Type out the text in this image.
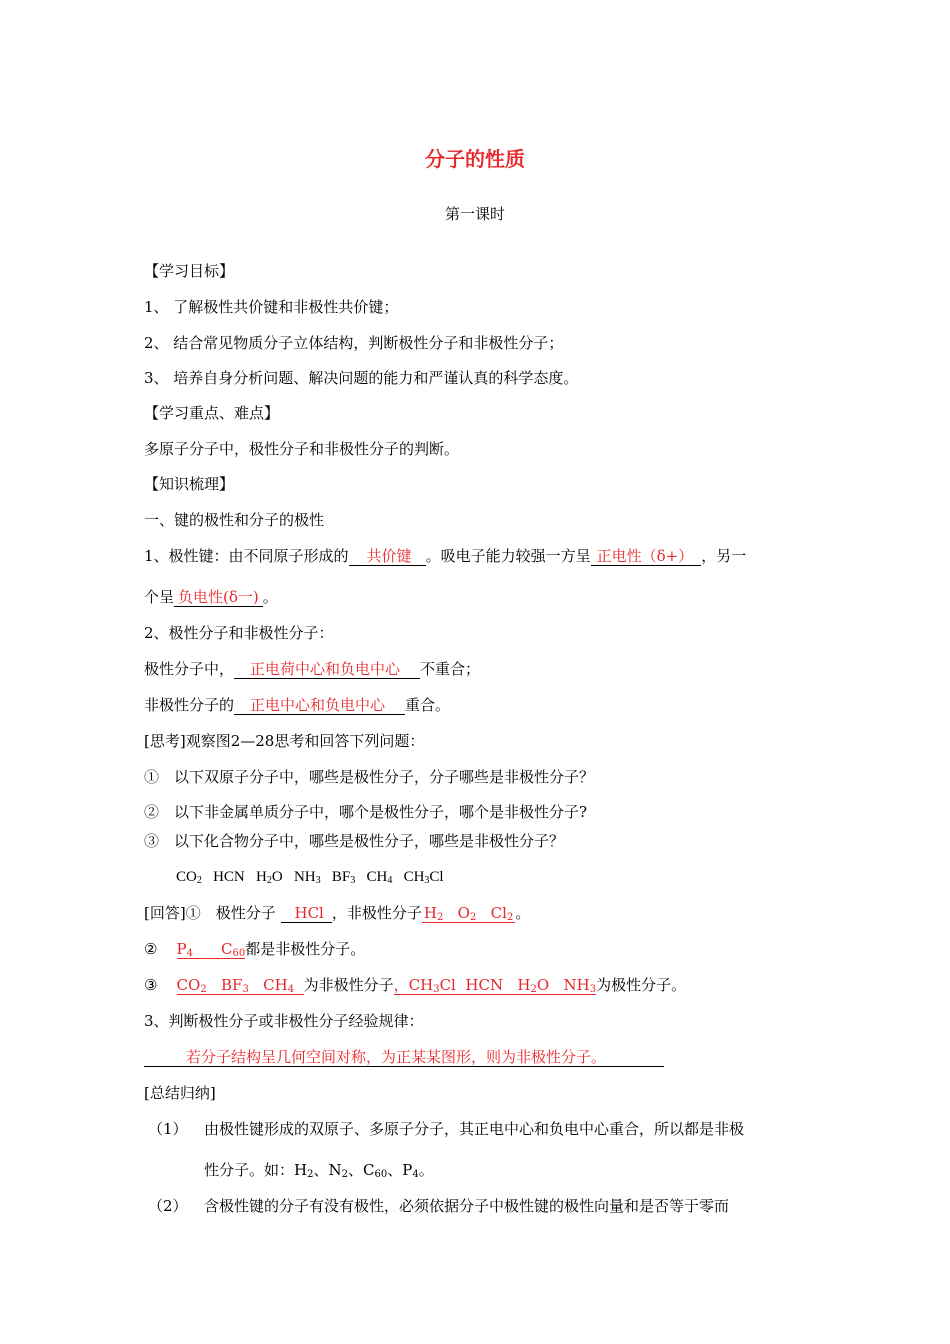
分子的性质
第一课时
【学习目标】
1、 了解极性共价键和非极性共价键；
2、 结合常见物质分子立体结构，判断极性分子和非极性分子；
3、 培养自身分析问题、解决问题的能力和严谨认真的科学态度。
【学习重点、难点】
多原子分子中，极性分子和非极性分子的判断。
【知识梳理】
一、键的极性和分子的极性
1、极性键：由不同原子形成的 共价键 。吸电子能力较强一方呈 正电性（δ+） ，另一
个呈 负电性(δ一) 。
2、极性分子和非极性分子：
极性分子中， 正电荷中心和负电中心 不重合；
非极性分子的 正电中心和负电中心 重合。
[思考]观察图2—28思考和回答下列问题：
①　以下双原子分子中，哪些是极性分子，分子哪些是非极性分子？
②　以下非金属单质分子中，哪个是极性分子，哪个是非极性分子?
③　以下化合物分子中，哪些是极性分子，哪些是非极性分子？
$CO_2$ HCN $H_2O$ $NH_3$ $BF_3$ $CH_4$ $CH_3Cl$
[回答]①　极性分子 HCl ，非极性分子 $H_2$ $O_2$ $Cl_2$ 。
② $P_4$ $C_{60}$都是非极性分子。
③ $CO_2$ $BF_3$ $CH_4$ 为非极性分子，$CH_3Cl$ HCN $H_2O$ $NH_3$为极性分子。
3、判断极性分子或非极性分子经验规律：
若分子结构呈几何空间对称，为正某某图形，则为非极性分子。
[总结归纳]
（1） 由极性键形成的双原子、多原子分子，其正电中心和负电中心重合，所以都是非极
性分子。如：$H_2$、$N_2$、$C_{60}$、$P_4$。
（2） 含极性键的分子有没有极性，必须依据分子中极性键的极性向量和是否等于零而
